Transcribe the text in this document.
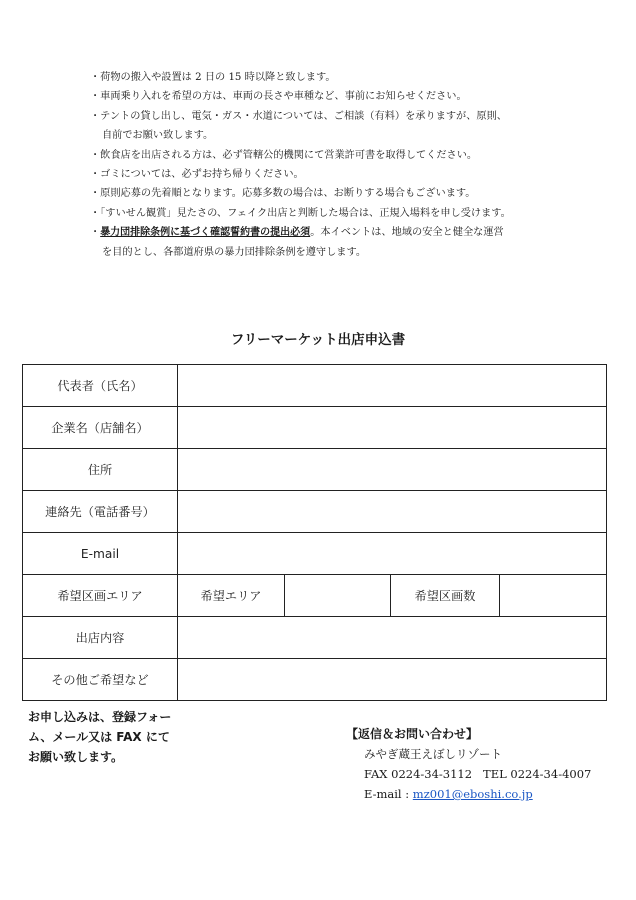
・荷物の搬入や設置は 2 日の 15 時以降と致します。
・車両乗り入れを希望の方は、車両の長さや車種など、事前にお知らせください。
・テントの貸し出し、電気・ガス・水道については、ご相談（有料）を承りますが、原則、
自前でお願い致します。
・飲食店を出店される方は、必ず管轄公的機関にて営業許可書を取得してください。
・ゴミについては、必ずお持ち帰りください。
・原則応募の先着順となります。応募多数の場合は、お断りする場合もございます。
・「すいせん観賞」見たさの、フェイク出店と判断した場合は、正規入場料を申し受けます。
・暴力団排除条例に基づく確認誓約書の提出必須。本イベントは、地域の安全と健全な運営
を目的とし、各都道府県の暴力団排除条例を遵守します。
フリーマーケット出店申込書
代表者（氏名）				
企業名（店舗名）				
住所				
連絡先（電話番号）				
E-mail				
希望区画エリア	希望エリア		希望区画数	
出店内容				
その他ご希望など				
お申し込みは、登録フォー
ム、メール又は FAX にて
お願い致します。
【返信＆お問い合わせ】
みやぎ蔵王えぼしリゾート
FAX 0224-34-3112 TEL 0224-34-4007
E-mail : mz001@eboshi.co.jp
